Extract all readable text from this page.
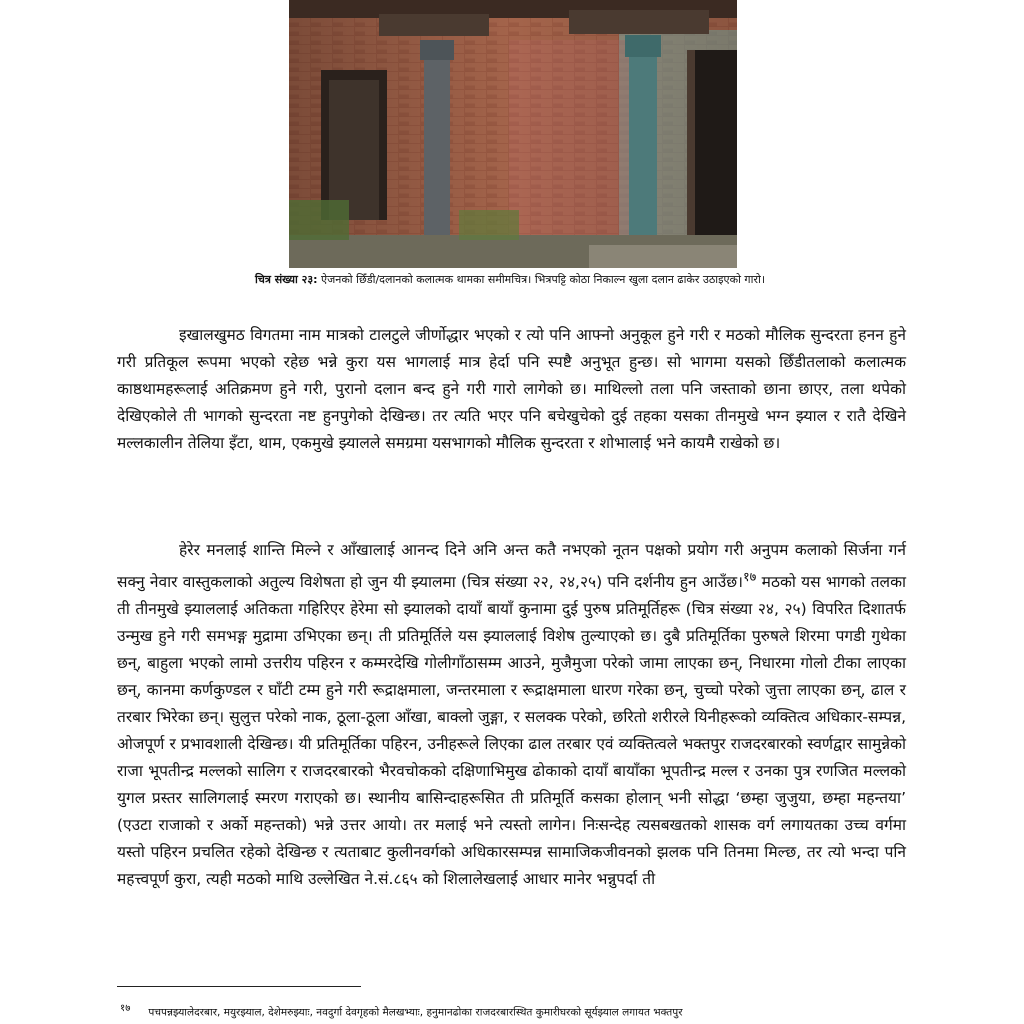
चित्र संख्या २३: ऐजनको छिँडी/दलानको कलात्मक थामका समीमचित्र। भित्रपट्टि कोठा निकाल्न खुला दलान ढाकेर उठाइएको गारो।

इखालखुमठ विगतमा नाम मात्रको टालटुले जीर्णोद्धार भएको र त्यो पनि आफ्नो अनुकूल हुने गरी र मठको मौलिक सुन्दरता हनन हुने गरी प्रतिकूल रूपमा भएको रहेछ भन्ने कुरा यस भागलाई मात्र हेर्दा पनि स्पष्टै अनुभूत हुन्छ। सो भागमा यसको छिँडीतलाको कलात्मक काष्ठथामहरूलाई अतिक्रमण हुने गरी, पुरानो दलान बन्द हुने गरी गारो लागेको छ। माथिल्लो तला पनि जस्ताको छाना छाएर, तला थपेको देखिएकोले ती भागको सुन्दरता नष्ट हुनपुगेको देखिन्छ। तर त्यति भएर पनि बचेखुचेको दुई तहका यसका तीनमुखे भग्न झ्याल र रातै देखिने मल्लकालीन तेलिया इँटा, थाम, एकमुखे झ्यालले समग्रमा यसभागको मौलिक सुन्दरता र शोभालाई भने कायमै राखेको छ।

हेरेर मनलाई शान्ति मिल्ने र आँखालाई आनन्द दिने अनि अन्त कतै नभएको नूतन पक्षको प्रयोग गरी अनुपम कलाको सिर्जना गर्न सक्नु नेवार वास्तुकलाको अतुल्य विशेषता हो जुन यी झ्यालमा (चित्र संख्या २२, २४,२५) पनि दर्शनीय हुन आउँछ।$^{१७}$ मठको यस भागको तलका ती तीनमुखे झ्याललाई अतिकता गहिरिएर हेरेमा सो झ्यालको दायाँ बायाँ कुनामा दुई पुरुष प्रतिमूर्तिहरू (चित्र संख्या २४, २५) विपरित दिशातर्फ उन्मुख हुने गरी समभङ्ग मुद्रामा उभिएका छन्। ती प्रतिमूर्तिले यस झ्याललाई विशेष तुल्याएको छ। दुबै प्रतिमूर्तिका पुरुषले शिरमा पगडी गुथेका छन्, बाहुला भएको लामो उत्तरीय पहिरन र कम्मरदेखि गोलीगाँठासम्म आउने, मुजैमुजा परेको जामा लाएका छन्, निधारमा गोलो टीका लाएका छन्, कानमा कर्णकुण्डल र घाँटी टम्म हुने गरी रूद्राक्षमाला, जन्तरमाला र रूद्राक्षमाला धारण गरेका छन्, चुच्चो परेको जुत्ता लाएका छन्, ढाल र तरबार भिरेका छन्। सुलुत्त परेको नाक, ठूला-ठूला आँखा, बाक्लो जुङ्गा, र सलक्क परेको, छरितो शरीरले यिनीहरूको व्यक्तित्व अधिकार-सम्पन्न, ओजपूर्ण र प्रभावशाली देखिन्छ। यी प्रतिमूर्तिका पहिरन, उनीहरूले लिएका ढाल तरबार एवं व्यक्तित्वले भक्तपुर राजदरबारको स्वर्णद्वार सामुन्नेको राजा भूपतीन्द्र मल्लको सालिग र राजदरबारको भैरवचोकको दक्षिणाभिमुख ढोकाको दायाँ बायाँका भूपतीन्द्र मल्ल र उनका पुत्र रणजित मल्लको युगल प्रस्तर सालिगलाई स्मरण गराएको छ। स्थानीय बासिन्दाहरूसित ती प्रतिमूर्ति कसका होलान् भनी सोद्धा ‘छम्हा जुजुया, छम्हा महन्तया’ (एउटा राजाको र अर्को महन्तको) भन्ने उत्तर आयो। तर मलाई भने त्यस्तो लागेन। निःसन्देह त्यसबखतको शासक वर्ग लगायतका उच्च वर्गमा यस्तो पहिरन प्रचलित रहेको देखिन्छ र त्यताबाट कुलीनवर्गको अधिकारसम्पन्न सामाजिकजीवनको झलक पनि तिनमा मिल्छ, तर त्यो भन्दा पनि महत्त्वपूर्ण कुरा, त्यही मठको माथि उल्लेखित ने.सं.८६५ को शिलालेखलाई आधार मानेर भन्नुपर्दा ती

$^{१७}$ पचपन्नझ्यालेदरबार, मयुरझ्याल, देशेमरुझ्याः, नवदुर्गा देवगृहको मैलखभ्याः, हनुमानढोका राजदरबारस्थित कुमारीघरको सूर्यझ्याल लगायत भक्तपुर
